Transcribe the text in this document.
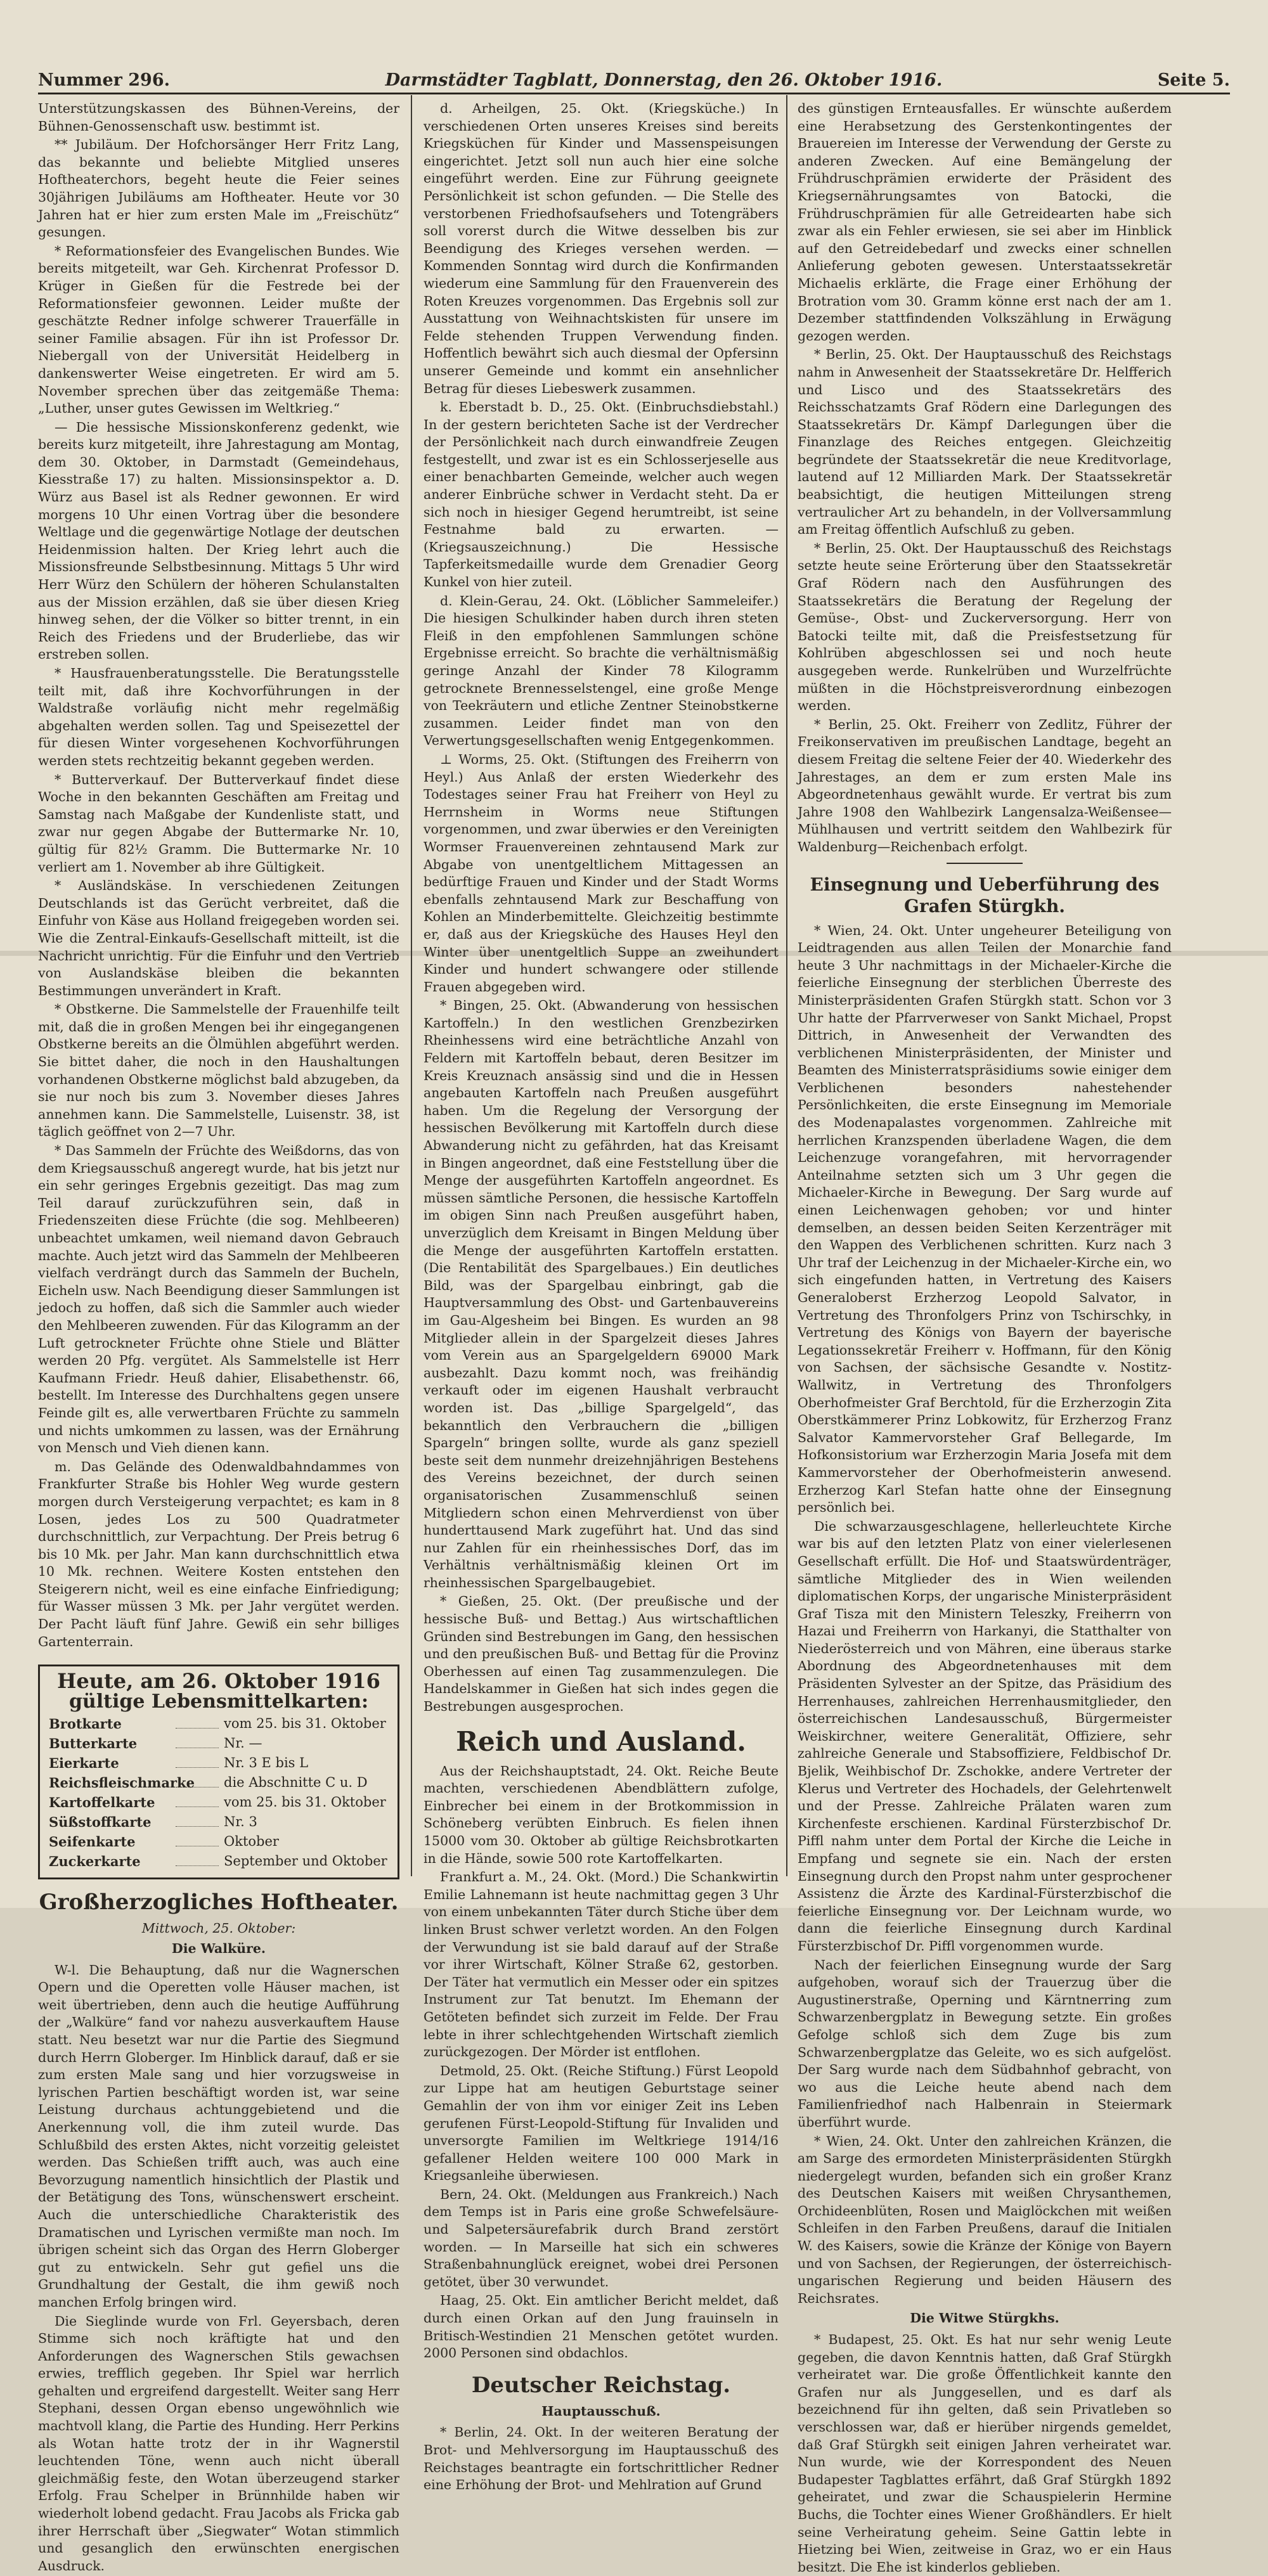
Nummer 296.	Darmstädter Tagblatt, Donnerstag, den 26. Oktober 1916.	Seite 5.

Unterstützungskassen des Bühnen-Vereins, der Bühnen-Genossenschaft usw. bestimmt ist.

** Jubiläum. Der Hofchorsänger Herr Fritz Lang, das bekannte und beliebte Mitglied unseres Hoftheaterchors, begeht heute die Feier seines 30jährigen Jubiläums am Hoftheater. Heute vor 30 Jahren hat er hier zum ersten Male im „Freischütz“ gesungen.

* Reformationsfeier des Evangelischen Bundes. Wie bereits mitgeteilt, war Geh. Kirchenrat Professor D. Krüger in Gießen für die Festrede bei der Reformationsfeier gewonnen. Leider mußte der geschätzte Redner infolge schwerer Trauerfälle in seiner Familie absagen. Für ihn ist Professor Dr. Niebergall von der Universität Heidelberg in dankenswerter Weise eingetreten. Er wird am 5. November sprechen über das zeitgemäße Thema: „Luther, unser gutes Gewissen im Weltkrieg.“

— Die hessische Missionskonferenz gedenkt, wie bereits kurz mitgeteilt, ihre Jahrestagung am Montag, dem 30. Oktober, in Darmstadt (Gemeindehaus, Kiesstraße 17) zu halten. Missionsinspektor a. D. Würz aus Basel ist als Redner gewonnen. Er wird morgens 10 Uhr einen Vortrag über die besondere Weltlage und die gegenwärtige Notlage der deutschen Heidenmission halten. Der Krieg lehrt auch die Missionsfreunde Selbstbesinnung. Mittags 5 Uhr wird Herr Würz den Schülern der höheren Schulanstalten aus der Mission erzählen, daß sie über diesen Krieg hinweg sehen, der die Völker so bitter trennt, in ein Reich des Friedens und der Bruderliebe, das wir erstreben sollen.

* Hausfrauenberatungsstelle. Die Beratungsstelle teilt mit, daß ihre Kochvorführungen in der Waldstraße vorläufig nicht mehr regelmäßig abgehalten werden sollen. Tag und Speisezettel der für diesen Winter vorgesehenen Kochvorführungen werden stets rechtzeitig bekannt gegeben werden.

* Butterverkauf. Der Butterverkauf findet diese Woche in den bekannten Geschäften am Freitag und Samstag nach Maßgabe der Kundenliste statt, und zwar nur gegen Abgabe der Buttermarke Nr. 10, gültig für 82½ Gramm. Die Buttermarke Nr. 10 verliert am 1. November ab ihre Gültigkeit.

* Ausländskäse. In verschiedenen Zeitungen Deutschlands ist das Gerücht verbreitet, daß die Einfuhr von Käse aus Holland freigegeben worden sei. Wie die Zentral-Einkaufs-Gesellschaft mitteilt, ist die Nachricht unrichtig. Für die Einfuhr und den Vertrieb von Auslandskäse bleiben die bekannten Bestimmungen unverändert in Kraft.

* Obstkerne. Die Sammelstelle der Frauenhilfe teilt mit, daß die in großen Mengen bei ihr eingegangenen Obstkerne bereits an die Ölmühlen abgeführt werden. Sie bittet daher, die noch in den Haushaltungen vorhandenen Obstkerne möglichst bald abzugeben, da sie nur noch bis zum 3. November dieses Jahres annehmen kann. Die Sammelstelle, Luisenstr. 38, ist täglich geöffnet von 2—7 Uhr.

* Das Sammeln der Früchte des Weißdorns, das von dem Kriegsausschuß angeregt wurde, hat bis jetzt nur ein sehr geringes Ergebnis gezeitigt. Das mag zum Teil darauf zurückzuführen sein, daß in Friedenszeiten diese Früchte (die sog. Mehlbeeren) unbeachtet umkamen, weil niemand davon Gebrauch machte. Auch jetzt wird das Sammeln der Mehlbeeren vielfach verdrängt durch das Sammeln der Bucheln, Eicheln usw. Nach Beendigung dieser Sammlungen ist jedoch zu hoffen, daß sich die Sammler auch wieder den Mehlbeeren zuwenden. Für das Kilogramm an der Luft getrockneter Früchte ohne Stiele und Blätter werden 20 Pfg. vergütet. Als Sammelstelle ist Herr Kaufmann Friedr. Heuß dahier, Elisabethenstr. 66, bestellt. Im Interesse des Durchhaltens gegen unsere Feinde gilt es, alle verwertbaren Früchte zu sammeln und nichts umkommen zu lassen, was der Ernährung von Mensch und Vieh dienen kann.

m. Das Gelände des Odenwaldbahndammes von Frankfurter Straße bis Hohler Weg wurde gestern morgen durch Versteigerung verpachtet; es kam in 8 Losen, jedes Los zu 500 Quadratmeter durchschnittlich, zur Verpachtung. Der Preis betrug 6 bis 10 Mk. per Jahr. Man kann durchschnittlich etwa 10 Mk. rechnen. Weitere Kosten entstehen den Steigerern nicht, weil es eine einfache Einfriedigung; für Wasser müssen 3 Mk. per Jahr vergütet werden. Der Pacht läuft fünf Jahre. Gewiß ein sehr billiges Gartenterrain.

Heute, am 26. Oktober 1916
gültige Lebensmittelkarten:
Brotkarte	vom 25. bis 31. Oktober
Butterkarte	Nr. —
Eierkarte	Nr. 3 E bis L
Reichsfleischmarke die Abschnitte C u. D
Kartoffelkarte	vom 25. bis 31. Oktober
Süßstoffkarte	Nr. 3
Seifenkarte	Oktober
Zuckerkarte	September und Oktober
Großherzogliches Hoftheater.
Mittwoch, 25. Oktober:
Die Walküre.

W-l. Die Behauptung, daß nur die Wagnerschen Opern und die Operetten volle Häuser machen, ist weit übertrieben, denn auch die heutige Aufführung der „Walküre“ fand vor nahezu ausverkauftem Hause statt. Neu besetzt war nur die Partie des Siegmund durch Herrn Globerger. Im Hinblick darauf, daß er sie zum ersten Male sang und hier vorzugsweise in lyrischen Partien beschäftigt worden ist, war seine Leistung durchaus achtunggebietend und die Anerkennung voll, die ihm zuteil wurde. Das Schlußbild des ersten Aktes, nicht vorzeitig geleistet werden. Das Schießen trifft auch, was auch eine Bevorzugung namentlich hinsichtlich der Plastik und der Betätigung des Tons, wünschenswert erscheint. Auch die unterschiedliche Charakteristik des Dramatischen und Lyrischen vermißte man noch. Im übrigen scheint sich das Organ des Herrn Globerger gut zu entwickeln. Sehr gut gefiel uns die Grundhaltung der Gestalt, die ihm gewiß noch manchen Erfolg bringen wird.

Die Sieglinde wurde von Frl. Geyersbach, deren Stimme sich noch kräftigte hat und den Anforderungen des Wagnerschen Stils gewachsen erwies, trefflich gegeben. Ihr Spiel war herrlich gehalten und ergreifend dargestellt. Weiter sang Herr Stephani, dessen Organ ebenso ungewöhnlich wie machtvoll klang, die Partie des Hunding. Herr Perkins als Wotan hatte trotz der in ihr Wagnerstil leuchtenden Töne, wenn auch nicht überall gleichmäßig feste, den Wotan überzeugend starker Erfolg. Frau Schelper in Brünnhilde haben wir wiederholt lobend gedacht. Frau Jacobs als Fricka gab ihrer Herrschaft über „Siegwater“ Wotan stimmlich und gesanglich den erwünschten energischen Ausdruck.

d. Arheilgen, 25. Okt. (Kriegsküche.) In verschiedenen Orten unseres Kreises sind bereits Kriegsküchen für Kinder und Massenspeisungen eingerichtet. Jetzt soll nun auch hier eine solche eingeführt werden. Eine zur Führung geeignete Persönlichkeit ist schon gefunden. — Die Stelle des verstorbenen Friedhofsaufsehers und Totengräbers soll vorerst durch die Witwe desselben bis zur Beendigung des Krieges versehen werden. — Kommenden Sonntag wird durch die Konfirmanden wiederum eine Sammlung für den Frauenverein des Roten Kreuzes vorgenommen. Das Ergebnis soll zur Ausstattung von Weihnachtskisten für unsere im Felde stehenden Truppen Verwendung finden. Hoffentlich bewährt sich auch diesmal der Opfersinn unserer Gemeinde und kommt ein ansehnlicher Betrag für dieses Liebeswerk zusammen.

k. Eberstadt b. D., 25. Okt. (Einbruchsdiebstahl.) In der gestern berichteten Sache ist der Verdrecher der Persönlichkeit nach durch einwandfreie Zeugen festgestellt, und zwar ist es ein Schlosserjeselle aus einer benachbarten Gemeinde, welcher auch wegen anderer Einbrüche schwer in Verdacht steht. Da er sich noch in hiesiger Gegend herumtreibt, ist seine Festnahme bald zu erwarten. — (Kriegsauszeichnung.) Die Hessische Tapferkeitsmedaille wurde dem Grenadier Georg Kunkel von hier zuteil.

d. Klein-Gerau, 24. Okt. (Löblicher Sammeleifer.) Die hiesigen Schulkinder haben durch ihren steten Fleiß in den empfohlenen Sammlungen schöne Ergebnisse erreicht. So brachte die verhältnismäßig geringe Anzahl der Kinder 78 Kilogramm getrocknete Brennesselstengel, eine große Menge von Teekräutern und etliche Zentner Steinobstkerne zusammen. Leider findet man von den Verwertungsgesellschaften wenig Entgegenkommen.

⊥ Worms, 25. Okt. (Stiftungen des Freiherrn von Heyl.) Aus Anlaß der ersten Wiederkehr des Todestages seiner Frau hat Freiherr von Heyl zu Herrnsheim in Worms neue Stiftungen vorgenommen, und zwar überwies er den Vereinigten Wormser Frauenvereinen zehntausend Mark zur Abgabe von unentgeltlichem Mittagessen an bedürftige Frauen und Kinder und der Stadt Worms ebenfalls zehntausend Mark zur Beschaffung von Kohlen an Minderbemittelte. Gleichzeitig bestimmte er, daß aus der Kriegsküche des Hauses Heyl den Winter über unentgeltlich Suppe an zweihundert Kinder und hundert schwangere oder stillende Frauen abgegeben wird.

* Bingen, 25. Okt. (Abwanderung von hessischen Kartoffeln.) In den westlichen Grenzbezirken Rheinhessens wird eine beträchtliche Anzahl von Feldern mit Kartoffeln bebaut, deren Besitzer im Kreis Kreuznach ansässig sind und die in Hessen angebauten Kartoffeln nach Preußen ausgeführt haben. Um die Regelung der Versorgung der hessischen Bevölkerung mit Kartoffeln durch diese Abwanderung nicht zu gefährden, hat das Kreisamt in Bingen angeordnet, daß eine Feststellung über die Menge der ausgeführten Kartoffeln angeordnet. Es müssen sämtliche Personen, die hessische Kartoffeln im obigen Sinn nach Preußen ausgeführt haben, unverzüglich dem Kreisamt in Bingen Meldung über die Menge der ausgeführten Kartoffeln erstatten. (Die Rentabilität des Spargelbaues.) Ein deutliches Bild, was der Spargelbau einbringt, gab die Hauptversammlung des Obst- und Gartenbauvereins im Gau-Algesheim bei Bingen. Es wurden an 98 Mitglieder allein in der Spargelzeit dieses Jahres vom Verein aus an Spargelgeldern 69000 Mark ausbezahlt. Dazu kommt noch, was freihändig verkauft oder im eigenen Haushalt verbraucht worden ist. Das „billige Spargelgeld“, das bekanntlich den Verbrauchern die „billigen Spargeln“ bringen sollte, wurde als ganz speziell beste seit dem nunmehr dreizehnjährigen Bestehens des Vereins bezeichnet, der durch seinen organisatorischen Zusammenschluß seinen Mitgliedern schon einen Mehrverdienst von über hunderttausend Mark zugeführt hat. Und das sind nur Zahlen für ein rheinhessisches Dorf, das im Verhältnis verhältnismäßig kleinen Ort im rheinhessischen Spargelbaugebiet.

* Gießen, 25. Okt. (Der preußische und der hessische Buß- und Bettag.) Aus wirtschaftlichen Gründen sind Bestrebungen im Gang, den hessischen und den preußischen Buß- und Bettag für die Provinz Oberhessen auf einen Tag zusammenzulegen. Die Handelskammer in Gießen hat sich indes gegen die Bestrebungen ausgesprochen.

Reich und Ausland.

Aus der Reichshauptstadt, 24. Okt. Reiche Beute machten, verschiedenen Abendblättern zufolge, Einbrecher bei einem in der Brotkommission in Schöneberg verübten Einbruch. Es fielen ihnen 15000 vom 30. Oktober ab gültige Reichsbrotkarten in die Hände, sowie 500 rote Kartoffelkarten.

Frankfurt a. M., 24. Okt. (Mord.) Die Schankwirtin Emilie Lahnemann ist heute nachmittag gegen 3 Uhr von einem unbekannten Täter durch Stiche über dem linken Brust schwer verletzt worden. An den Folgen der Verwundung ist sie bald darauf auf der Straße vor ihrer Wirtschaft, Kölner Straße 62, gestorben. Der Täter hat vermutlich ein Messer oder ein spitzes Instrument zur Tat benutzt. Im Ehemann der Getöteten befindet sich zurzeit im Felde. Der Frau lebte in ihrer schlechtgehenden Wirtschaft ziemlich zurückgezogen. Der Mörder ist entflohen.

Detmold, 25. Okt. (Reiche Stiftung.) Fürst Leopold zur Lippe hat am heutigen Geburtstage seiner Gemahlin der von ihm vor einiger Zeit ins Leben gerufenen Fürst-Leopold-Stiftung für Invaliden und unversorgte Familien im Weltkriege 1914/16 gefallener Helden weitere 100 000 Mark in Kriegsanleihe überwiesen.

Bern, 24. Okt. (Meldungen aus Frankreich.) Nach dem Temps ist in Paris eine große Schwefelsäure- und Salpetersäurefabrik durch Brand zerstört worden. — In Marseille hat sich ein schweres Straßenbahnunglück ereignet, wobei drei Personen getötet, über 30 verwundet.

Haag, 25. Okt. Ein amtlicher Bericht meldet, daß durch einen Orkan auf den Jung frauinseln in Britisch-Westindien 21 Menschen getötet wurden. 2000 Personen sind obdachlos.

Deutscher Reichstag.
Hauptausschuß.

* Berlin, 24. Okt. In der weiteren Beratung der Brot- und Mehlversorgung im Hauptausschuß des Reichstages beantragte ein fortschrittlicher Redner eine Erhöhung der Brot- und Mehlration auf Grund

des günstigen Ernteausfalles. Er wünschte außerdem eine Herabsetzung des Gerstenkontingentes der Brauereien im Interesse der Verwendung der Gerste zu anderen Zwecken. Auf eine Bemängelung der Frühdruschprämien erwiderte der Präsident des Kriegsernährungsamtes von Batocki, die Frühdruschprämien für alle Getreidearten habe sich zwar als ein Fehler erwiesen, sie sei aber im Hinblick auf den Getreidebedarf und zwecks einer schnellen Anlieferung geboten gewesen. Unterstaatssekretär Michaelis erklärte, die Frage einer Erhöhung der Brotration vom 30. Gramm könne erst nach der am 1. Dezember stattfindenden Volkszählung in Erwägung gezogen werden.

* Berlin, 25. Okt. Der Hauptausschuß des Reichstags nahm in Anwesenheit der Staatssekretäre Dr. Helfferich und Lisco und des Staatssekretärs des Reichsschatzamts Graf Rödern eine Darlegungen des Staatssekretärs Dr. Kämpf Darlegungen über die Finanzlage des Reiches entgegen. Gleichzeitig begründete der Staatssekretär die neue Kreditvorlage, lautend auf 12 Milliarden Mark. Der Staatssekretär beabsichtigt, die heutigen Mitteilungen streng vertraulicher Art zu behandeln, in der Vollversammlung am Freitag öffentlich Aufschluß zu geben.

* Berlin, 25. Okt. Der Hauptausschuß des Reichstags setzte heute seine Erörterung über den Staatssekretär Graf Rödern nach den Ausführungen des Staatssekretärs die Beratung der Regelung der Gemüse-, Obst- und Zuckerversorgung. Herr von Batocki teilte mit, daß die Preisfestsetzung für Kohlrüben abgeschlossen sei und noch heute ausgegeben werde. Runkelrüben und Wurzelfrüchte müßten in die Höchstpreisverordnung einbezogen werden.

* Berlin, 25. Okt. Freiherr von Zedlitz, Führer der Freikonservativen im preußischen Landtage, begeht an diesem Freitag die seltene Feier der 40. Wiederkehr des Jahrestages, an dem er zum ersten Male ins Abgeordnetenhaus gewählt wurde. Er vertrat bis zum Jahre 1908 den Wahlbezirk Langensalza-Weißensee—Mühlhausen und vertritt seitdem den Wahlbezirk für Waldenburg—Reichenbach erfolgt.

Einsegnung und Ueberführung des Grafen Stürgkh.

* Wien, 24. Okt. Unter ungeheurer Beteiligung von Leidtragenden aus allen Teilen der Monarchie fand heute 3 Uhr nachmittags in der Michaeler-Kirche die feierliche Einsegnung der sterblichen Überreste des Ministerpräsidenten Grafen Stürgkh statt. Schon vor 3 Uhr hatte der Pfarrverweser von Sankt Michael, Propst Dittrich, in Anwesenheit der Verwandten des verblichenen Ministerpräsidenten, der Minister und Beamten des Ministerratspräsidiums sowie einiger dem Verblichenen besonders nahestehender Persönlichkeiten, die erste Einsegnung im Memoriale des Modenapalastes vorgenommen. Zahlreiche mit herrlichen Kranzspenden überladene Wagen, die dem Leichenzuge vorangefahren, mit hervorragender Anteilnahme setzten sich um 3 Uhr gegen die Michaeler-Kirche in Bewegung. Der Sarg wurde auf einen Leichenwagen gehoben; vor und hinter demselben, an dessen beiden Seiten Kerzenträger mit den Wappen des Verblichenen schritten. Kurz nach 3 Uhr traf der Leichenzug in der Michaeler-Kirche ein, wo sich eingefunden hatten, in Vertretung des Kaisers Generaloberst Erzherzog Leopold Salvator, in Vertretung des Thronfolgers Prinz von Tschirschky, in Vertretung des Königs von Bayern der bayerische Legationssekretär Freiherr v. Hoffmann, für den König von Sachsen, der sächsische Gesandte v. Nostitz-Wallwitz, in Vertretung des Thronfolgers Oberhofmeister Graf Berchtold, für die Erzherzogin Zita Oberstkämmerer Prinz Lobkowitz, für Erzherzog Franz Salvator Kammervorsteher Graf Bellegarde, Im Hofkonsistorium war Erzherzogin Maria Josefa mit dem Kammervorsteher der Oberhofmeisterin anwesend. Erzherzog Karl Stefan hatte ohne der Einsegnung persönlich bei.

Die schwarzausgeschlagene, hellerleuchtete Kirche war bis auf den letzten Platz von einer vielerlesenen Gesellschaft erfüllt. Die Hof- und Staatswürdenträger, sämtliche Mitglieder des in Wien weilenden diplomatischen Korps, der ungarische Ministerpräsident Graf Tisza mit den Ministern Teleszky, Freiherrn von Hazai und Freiherrn von Harkanyi, die Statthalter von Niederösterreich und von Mähren, eine überaus starke Abordnung des Abgeordnetenhauses mit dem Präsidenten Sylvester an der Spitze, das Präsidium des Herrenhauses, zahlreichen Herrenhausmitglieder, den österreichischen Landesausschuß, Bürgermeister Weiskirchner, weitere Generalität, Offiziere, sehr zahlreiche Generale und Stabsoffiziere, Feldbischof Dr. Bjelik, Weihbischof Dr. Zschokke, andere Vertreter der Klerus und Vertreter des Hochadels, der Gelehrtenwelt und der Presse. Zahlreiche Prälaten waren zum Kirchenfeste erschienen. Kardinal Fürsterzbischof Dr. Piffl nahm unter dem Portal der Kirche die Leiche in Empfang und segnete sie ein. Nach der ersten Einsegnung durch den Propst nahm unter gesprochener Assistenz die Ärzte des Kardinal-Fürsterzbischof die feierliche Einsegnung vor. Der Leichnam wurde, wo dann die feierliche Einsegnung durch Kardinal Fürsterzbischof Dr. Piffl vorgenommen wurde.

Nach der feierlichen Einsegnung wurde der Sarg aufgehoben, worauf sich der Trauerzug über die Augustinerstraße, Operning und Kärntnerring zum Schwarzenbergplatz in Bewegung setzte. Ein großes Gefolge schloß sich dem Zuge bis zum Schwarzenbergplatze das Geleite, wo es sich aufgelöst. Der Sarg wurde nach dem Südbahnhof gebracht, von wo aus die Leiche heute abend nach dem Familienfriedhof nach Halbenrain in Steiermark überführt wurde.

* Wien, 24. Okt. Unter den zahlreichen Kränzen, die am Sarge des ermordeten Ministerpräsidenten Stürgkh niedergelegt wurden, befanden sich ein großer Kranz des Deutschen Kaisers mit weißen Chrysanthemen, Orchideenblüten, Rosen und Maiglöckchen mit weißen Schleifen in den Farben Preußens, darauf die Initialen W. des Kaisers, sowie die Kränze der Könige von Bayern und von Sachsen, der Regierungen, der österreichisch-ungarischen Regierung und beiden Häusern des Reichsrates.

Die Witwe Stürgkhs.

* Budapest, 25. Okt. Es hat nur sehr wenig Leute gegeben, die davon Kenntnis hatten, daß Graf Stürgkh verheiratet war. Die große Öffentlichkeit kannte den Grafen nur als Junggesellen, und es darf als bezeichnend für ihn gelten, daß sein Privatleben so verschlossen war, daß er hierüber nirgends gemeldet, daß Graf Stürgkh seit einigen Jahren verheiratet war. Nun wurde, wie der Korrespondent des Neuen Budapester Tagblattes erfährt, daß Graf Stürgkh 1892 geheiratet, und zwar die Schauspielerin Hermine Buchs, die Tochter eines Wiener Großhändlers. Er hielt seine Verheiratung geheim. Seine Gattin lebte in Hietzing bei Wien, zeitweise in Graz, wo er ein Haus besitzt. Die Ehe ist kinderlos geblieben.
